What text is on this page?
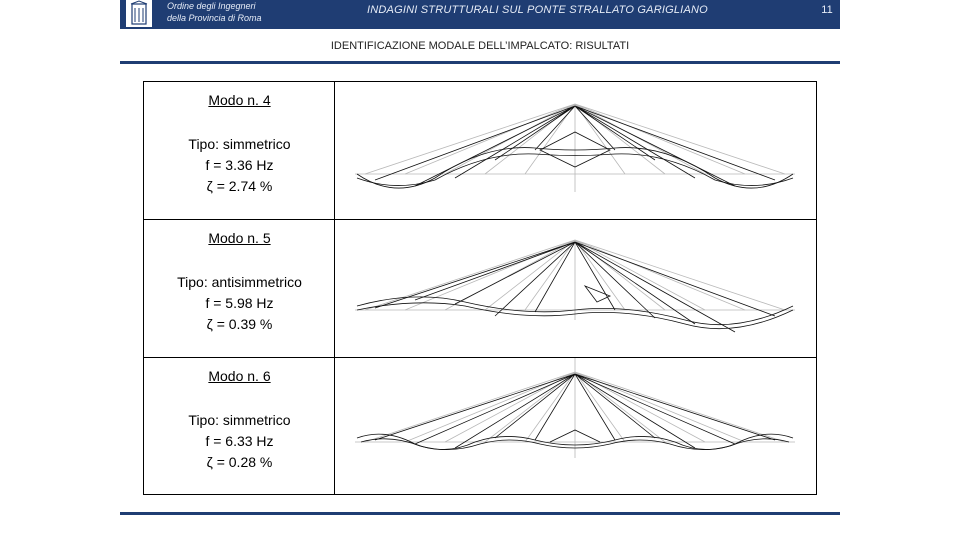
Ordine degli Ingegneri
della Provincia di Roma
INDAGINI STRUTTURALI SUL PONTE STRALLATO GARIGLIANO	11
IDENTIFICAZIONE MODALE DELL’IMPALCATO: RISULTATI
Modo n. 4
Tipo: simmetrico
f = 3.36 Hz
ζ = 2.74 %
Modo n. 5
Tipo: antisimmetrico
f = 5.98 Hz
ζ = 0.39 %
Modo n. 6
Tipo: simmetrico
f = 6.33 Hz
ζ = 0.28 %
